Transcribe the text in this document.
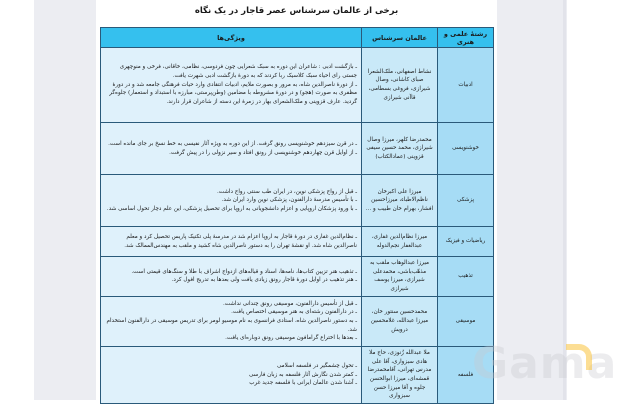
برخی از عالمان سرشناس عصر قاجار در یک نگاه
رشتهٔ علمی و هنری	عالمان سرشناس	ویژگی‌ها
ادبیات	نشاط اصفهانی، ملک‌الشعرا صبای کاشانی، وصال شیرازی، فروغی بسطامی، قاآنی شیرازی	ـ بازگشت ادبی : شاعران این دوره به سبک شعرایی چون فردوسی، نظامی، خاقانی، فرخی و منوچهری جستی رای احیاء سبک کلاسیک ربا کردند که به دورهٔ بازگشت ادبی شهرت یافت.
ـ از دورهٔ ناصرالدین شاه، به مرور و بصورت ملایم، ادبیات انتقادی وارد حیات فرهنگی جامعه شد و در دورهٔ مظفری به صورت (هجو) و در دورهٔ مشروطه با مضامین (وطن‌پرستی، مبارزه با استبداد و استعمار) جلوه‌گر گردید. عارف قزوینی و ملک‌الشعرای بهار در زمرهٔ این دسته از شاعران قرار دارند.

خوشنویسی	محمدرضا کلهر، میرزا وصال شیرازی، محمد حسین سیفی قزوینی (عمادالکتاب)	ـ در قرن سیزدهم خوشنویسی رونق گرفت. از این دوره به ویژه آثار نفیسی به خط نسخ بر جای مانده است.
ـ از اوایل قرن چهاردهم خوشنویسی از رونق افتاد و سیر نزولی را در پیش گرفت.

پزشکی	میرزا علی اکبرخان ناظم‌الاطباء، میرزاحسین افشار، بهرام خان طبیب و ...	ـ قبل از رواج پزشکی نوین، در ایران طب سنتی رواج داشت.
ـ با تأسیس مدرسهٔ دارالفنون، پزشکی نوین وارد ایران شد.
ـ با ورود پزشکان اروپایی و اعزام دانشجویانی به اروپا برای تحصیل پزشکی، این علم دچار تحول اساسی شد.

ریاضیات و فیزیک	میرزا نظام‌الدین غفاری، عبدالغفار نجم‌الدوله	ـ نظام‌الدین غفاری در دورهٔ قاجار به اروپا اعزام شد در مدرسهٔ پلی تکنیک پاریس تحصیل کرد و معلم ناصرالدین شاه شد. او نقشهٔ تهران را به دستور ناصرالدین شاه کشید و ملقب به مهندس‌الممالک شد.

تذهیب	میرزا عبدالوهاب ملقب به مذهّب‌باشی، محمدعلی شیرازی، میرزا یوسف شیرازی	ـ تذهیب هنر تزیین کتاب‌ها، نامه‌ها، اسناد و قباله‌های ازدواج اشراف با طلا و سنگ‌های قیمتی است.
ـ هنر تذهیب در اوایل دورهٔ قاجار رونق زیادی یافت ولی بعدها به تدریج افول کرد.

موسیقی	محمدحسین سنتور خان، میرزا عبدالله، غلامحسین درویش	ـ قبل از تأسیس دارالفنون، موسیقی رونق چندانی نداشت.
ـ در دارالفنون رشته‌ای به هنر موسیقی اختصاص یافت.
ـ به دستور ناصرالدین شاه، استادی فرانسوی به نام موسیو لومر برای تدریس موسیقی در دارالفنون استخدام شد.
ـ بعدها با اختراع گرامافون موسیقی رونق دوباره‌ای یافت.

فلسفه	ملا عبدالله زُنوزی، حاج ملا هادی سبزواری، آقا علی مدرس تهرانی، آقامحمدرضا قمشه‌ای، میرزا ابوالحسن جلوه و آقا میرزا حسن سبزواری	ـ تحول چشمگیر در فلسفه اسلامی
ـ کمتر شدن نگارش آثار فلسفه به زبان فارسی
ـ آشنا شدن عالمان ایرانی با فلسفه جدید غرب	Gama
